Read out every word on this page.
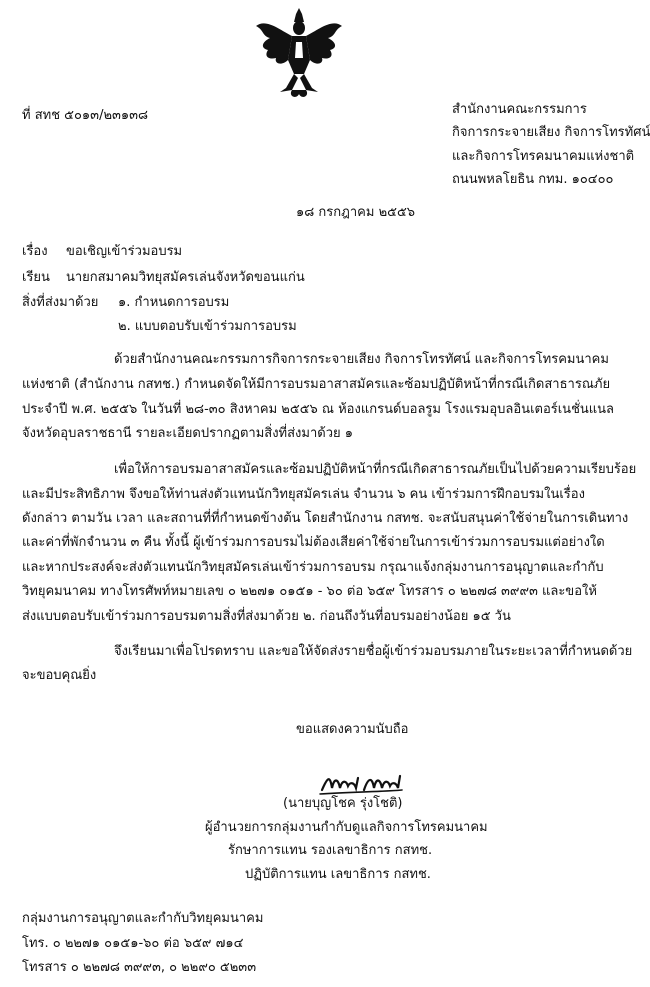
ที่ สทช ๕๐๑๓/๒๓๑๓๘	สำนักงานคณะกรรมการ
กิจการกระจายเสียง กิจการโทรทัศน์
และกิจการโทรคมนาคมแห่งชาติ
ถนนพหลโยธิน กทม. ๑๐๔๐๐
๑๘ กรกฎาคม ๒๕๕๖
เรื่อง ขอเชิญเข้าร่วมอบรม
เรียน นายกสมาคมวิทยุสมัครเล่นจังหวัดขอนแก่น
สิ่งที่ส่งมาด้วย ๑. กำหนดการอบรม
๒. แบบตอบรับเข้าร่วมการอบรม
ด้วยสำนักงานคณะกรรมการกิจการกระจายเสียง กิจการโทรทัศน์ และกิจการโทรคมนาคม
แห่งชาติ (สำนักงาน กสทช.) กำหนดจัดให้มีการอบรมอาสาสมัครและซ้อมปฏิบัติหน้าที่กรณีเกิดสาธารณภัย
ประจำปี พ.ศ. ๒๕๕๖ ในวันที่ ๒๘-๓๐ สิงหาคม ๒๕๕๖ ณ ห้องแกรนด์บอลรูม โรงแรมอุบลอินเตอร์เนชั่นแนล
จังหวัดอุบลราชธานี รายละเอียดปรากฏตามสิ่งที่ส่งมาด้วย ๑
เพื่อให้การอบรมอาสาสมัครและซ้อมปฏิบัติหน้าที่กรณีเกิดสาธารณภัยเป็นไปด้วยความเรียบร้อย
และมีประสิทธิภาพ จึงขอให้ท่านส่งตัวแทนนักวิทยุสมัครเล่น จำนวน ๖ คน เข้าร่วมการฝึกอบรมในเรื่อง
ดังกล่าว ตามวัน เวลา และสถานที่ที่กำหนดข้างต้น โดยสำนักงาน กสทช. จะสนับสนุนค่าใช้จ่ายในการเดินทาง
และค่าที่พักจำนวน ๓ คืน ทั้งนี้ ผู้เข้าร่วมการอบรมไม่ต้องเสียค่าใช้จ่ายในการเข้าร่วมการอบรมแต่อย่างใด
และหากประสงค์จะส่งตัวแทนนักวิทยุสมัครเล่นเข้าร่วมการอบรม กรุณาแจ้งกลุ่มงานการอนุญาตและกำกับ
วิทยุคมนาคม ทางโทรศัพท์หมายเลข ๐ ๒๒๗๑ ๐๑๕๑ - ๖๐ ต่อ ๖๕๙ โทรสาร ๐ ๒๒๗๘ ๓๙๙๓ และขอให้
ส่งแบบตอบรับเข้าร่วมการอบรมตามสิ่งที่ส่งมาด้วย ๒. ก่อนถึงวันที่อบรมอย่างน้อย ๑๕ วัน
จึงเรียนมาเพื่อโปรดทราบ และขอให้จัดส่งรายชื่อผู้เข้าร่วมอบรมภายในระยะเวลาที่กำหนดด้วย
จะขอบคุณยิ่ง
ขอแสดงความนับถือ
(นายบุญโชค รุ่งโชติ)
ผู้อำนวยการกลุ่มงานกำกับดูแลกิจการโทรคมนาคม
รักษาการแทน รองเลขาธิการ กสทช.
ปฏิบัติการแทน เลขาธิการ กสทช.
กลุ่มงานการอนุญาตและกำกับวิทยุคมนาคม
โทร. ๐ ๒๒๗๑ ๐๑๕๑-๖๐ ต่อ ๖๕๙ ๗๑๔
โทรสาร ๐ ๒๒๗๘ ๓๙๙๓, ๐ ๒๒๙๐ ๕๒๓๓
